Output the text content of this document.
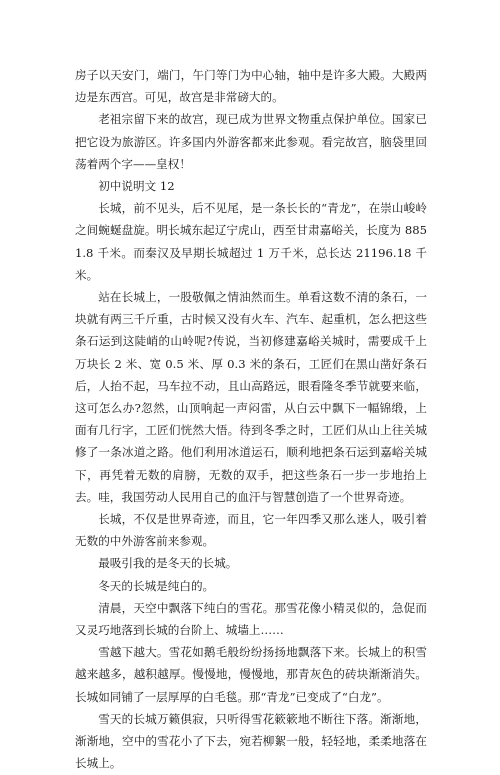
房子以天安门，端门，午门等门为中心轴，轴中是许多大殿。大殿两边是东西宫。可见，故宫是非常磅大的。

老祖宗留下来的故宫，现已成为世界文物重点保护单位。国家已把它设为旅游区。许多国内外游客都来此参观。看完故宫，脑袋里回荡着两个字——皇权！

初中说明文 12

长城，前不见头，后不见尾，是一条长长的“青龙”，在崇山峻岭之间蜿蜒盘旋。明长城东起辽宁虎山，西至甘肃嘉峪关，长度为 8851.8 千米。而秦汉及早期长城超过 1 万千米，总长达 21196.18 千米。

站在长城上，一股敬佩之情油然而生。单看这数不清的条石，一块就有两三千斤重，古时候又没有火车、汽车、起重机，怎么把这些条石运到这陡峭的山岭呢?传说，当初修建嘉峪关城时，需要成千上万块长 2 米、宽 0.5 米、厚 0.3 米的条石，工匠们在黑山凿好条石后，人抬不起，马车拉不动，且山高路远，眼看隆冬季节就要来临，这可怎么办?忽然，山顶响起一声闷雷，从白云中飘下一幅锦缎，上面有几行字，工匠们恍然大悟。待到冬季之时，工匠们从山上往关城修了一条冰道之路。他们利用冰道运石，顺利地把条石运到嘉峪关城下，再凭着无数的肩膀，无数的双手，把这些条石一步一步地抬上去。哇，我国劳动人民用自己的血汗与智慧创造了一个世界奇迹。

长城，不仅是世界奇迹，而且，它一年四季又那么迷人，吸引着无数的中外游客前来参观。

最吸引我的是冬天的长城。

冬天的长城是纯白的。

清晨，天空中飘落下纯白的雪花。那雪花像小精灵似的，急促而又灵巧地落到长城的台阶上、城墙上……

雪越下越大。雪花如鹅毛般纷纷扬扬地飘落下来。长城上的积雪越来越多，越积越厚。慢慢地，慢慢地，那青灰色的砖块渐渐消失。长城如同铺了一层厚厚的白毛毯。那“青龙”已变成了“白龙”。

雪天的长城万籁俱寂，只听得雪花簌簌地不断往下落。渐渐地，渐渐地，空中的雪花小了下去，宛若柳絮一般，轻轻地，柔柔地落在长城上。
